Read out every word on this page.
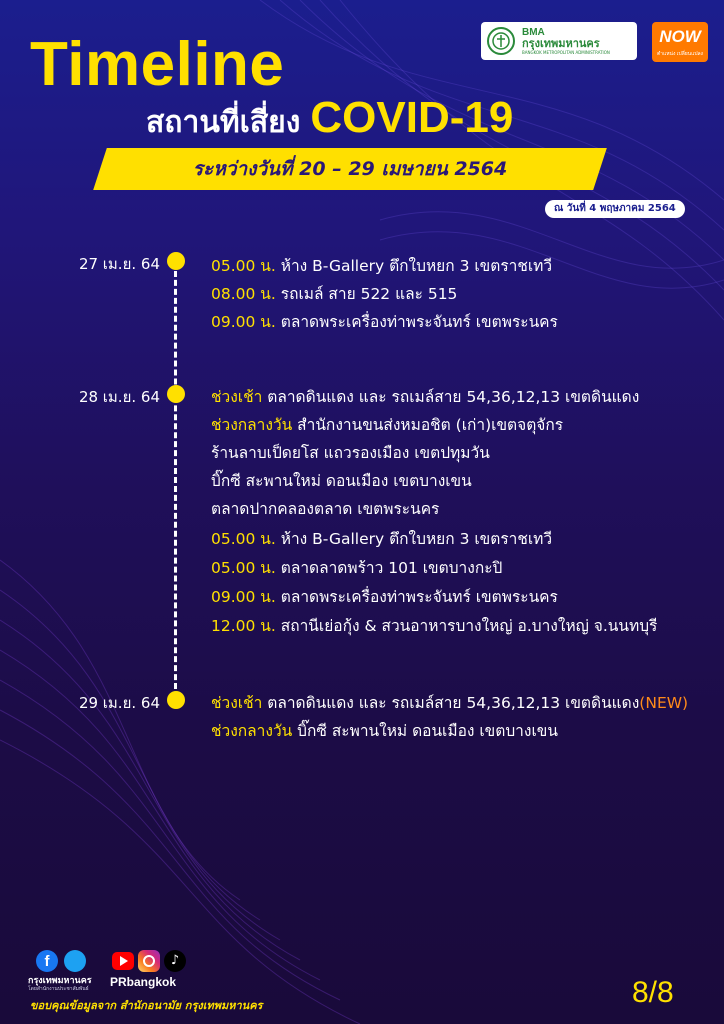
BMA
กรุงเทพมหานคร
BANGKOK METROPOLITAN ADMINISTRATION
NOW
ตำแหน่ง เปลี่ยนแปลง
Timeline
สถานที่เสี่ยง COVID-19
ระหว่างวันที่ 20 – 29 เมษายน 2564
ณ วันที่ 4 พฤษภาคม 2564
27 เม.ย. 64	05.00 น. ห้าง B-Gallery ตึกใบหยก 3 เขตราชเทวี
08.00 น. รถเมล์ สาย 522 และ 515
09.00 น. ตลาดพระเครื่องท่าพระจันทร์ เขตพระนคร
28 เม.ย. 64	ช่วงเช้า ตลาดดินแดง และ รถเมล์สาย 54,36,12,13 เขตดินแดง
ช่วงกลางวัน สำนักงานขนส่งหมอชิต (เก่า)เขตจตุจักร
ร้านลาบเป็ดยโส แถวรองเมือง เขตปทุมวัน
บิ๊กซี สะพานใหม่ ดอนเมือง เขตบางเขน
ตลาดปากคลองตลาด เขตพระนคร
05.00 น. ห้าง B-Gallery ตึกใบหยก 3 เขตราชเทวี
05.00 น. ตลาดลาดพร้าว 101 เขตบางกะปิ
09.00 น. ตลาดพระเครื่องท่าพระจันทร์ เขตพระนคร
12.00 น. สถานีเย่อกุ้ง & สวนอาหารบางใหญ่ อ.บางใหญ่ จ.นนทบุรี
29 เม.ย. 64	ช่วงเช้า ตลาดดินแดง และ รถเมล์สาย 54,36,12,13 เขตดินแดง(NEW)
ช่วงกลางวัน บิ๊กซี สะพานใหม่ ดอนเมือง เขตบางเขน
f	♪
กรุงเทพมหานคร
โดยสำนักงานประชาสัมพันธ์ PRbangkok
ขอบคุณข้อมูลจาก สำนักอนามัย กรุงเทพมหานคร	8/8
